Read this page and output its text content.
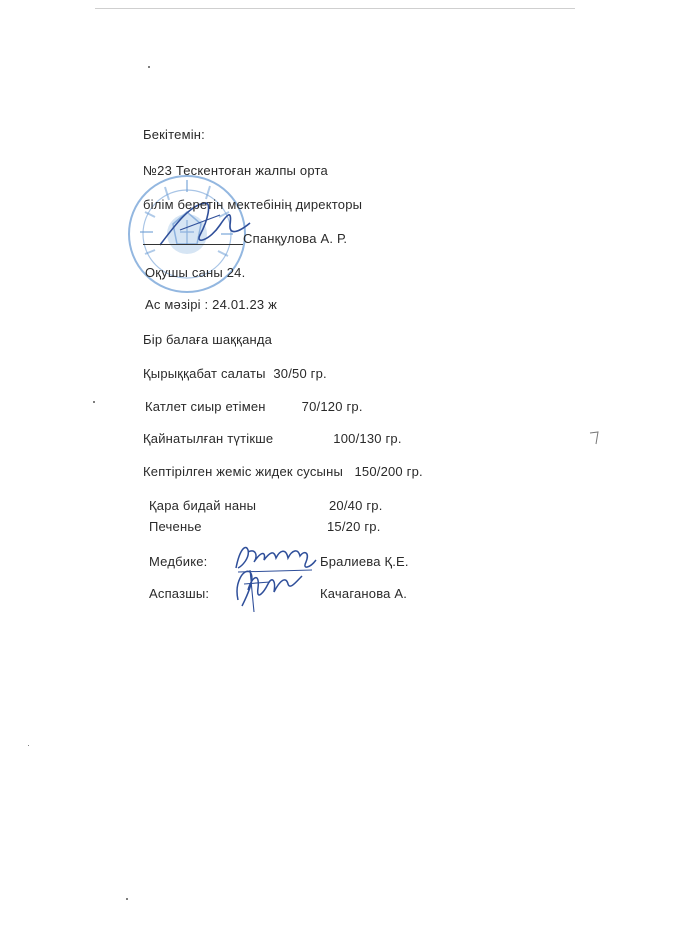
Бекітемін:
№23 Тескентоған жалпы орта
білім беретін мектебінің директоры
Спанқулова А. Р.
Оқушы саны 24.
Ас мәзірі : 24.01.23 ж
Бір балаға шаққанда
Қырыққабат салаты 30/50 гр.
Катлет сиыр етімен	70/120 гр.
Қайнатылған түтікше	100/130 гр.
Кептірілген жеміс жидек сусыны 150/200 гр.
Қара бидай наны	20/40 гр.
Печенье	15/20 гр.
Медбике:	Бралиева Қ.Е.
Аспазшы:	Качаганова А.
